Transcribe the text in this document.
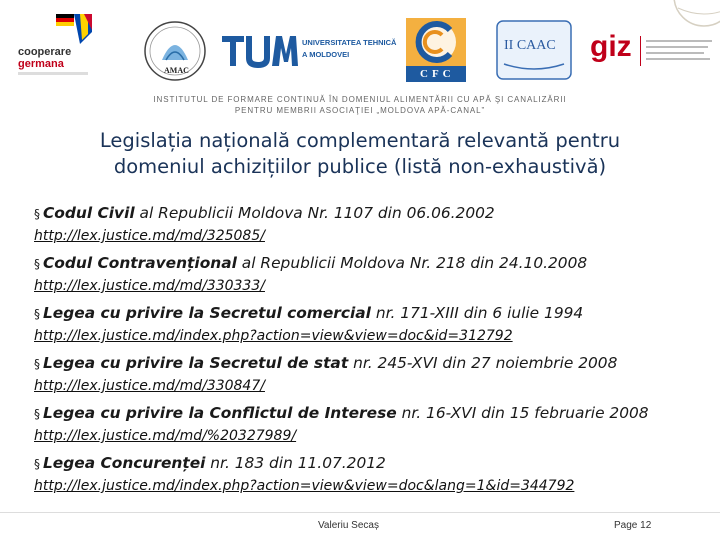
cooperare
germana
AMAC
UNIVERSITATEA TEHNICĂ
A MOLDOVEI
CFC
II CAAC giz
INSTITUTUL DE FORMARE CONTINUĂ ÎN DOMENIUL ALIMENTĂRII CU APĂ ŞI CANALIZĂRII
PENTRU MEMBRII ASOCIAŢIEI „MOLDOVA APĂ-CANAL”
Legislația națională complementară relevantă pentru
domeniul achizițiilor publice (listă non-exhaustivă)
§ Codul Civil al Republicii Moldova Nr. 1107 din 06.06.2002
http://lex.justice.md/md/325085/
§ Codul Contravențional al Republicii Moldova Nr. 218 din 24.10.2008
http://lex.justice.md/md/330333/
§ Legea cu privire la Secretul comercial nr. 171-XIII din 6 iulie 1994
http://lex.justice.md/index.php?action=view&view=doc&id=312792
§ Legea cu privire la Secretul de stat nr. 245-XVI din 27 noiembrie 2008
http://lex.justice.md/md/330847/
§ Legea cu privire la Conflictul de Interese nr. 16-XVI din 15 februarie 2008
http://lex.justice.md/md/%20327989/
§ Legea Concurenței nr. 183 din 11.07.2012
http://lex.justice.md/index.php?action=view&view=doc&lang=1&id=344792
Valeriu Secaș	Page 12
